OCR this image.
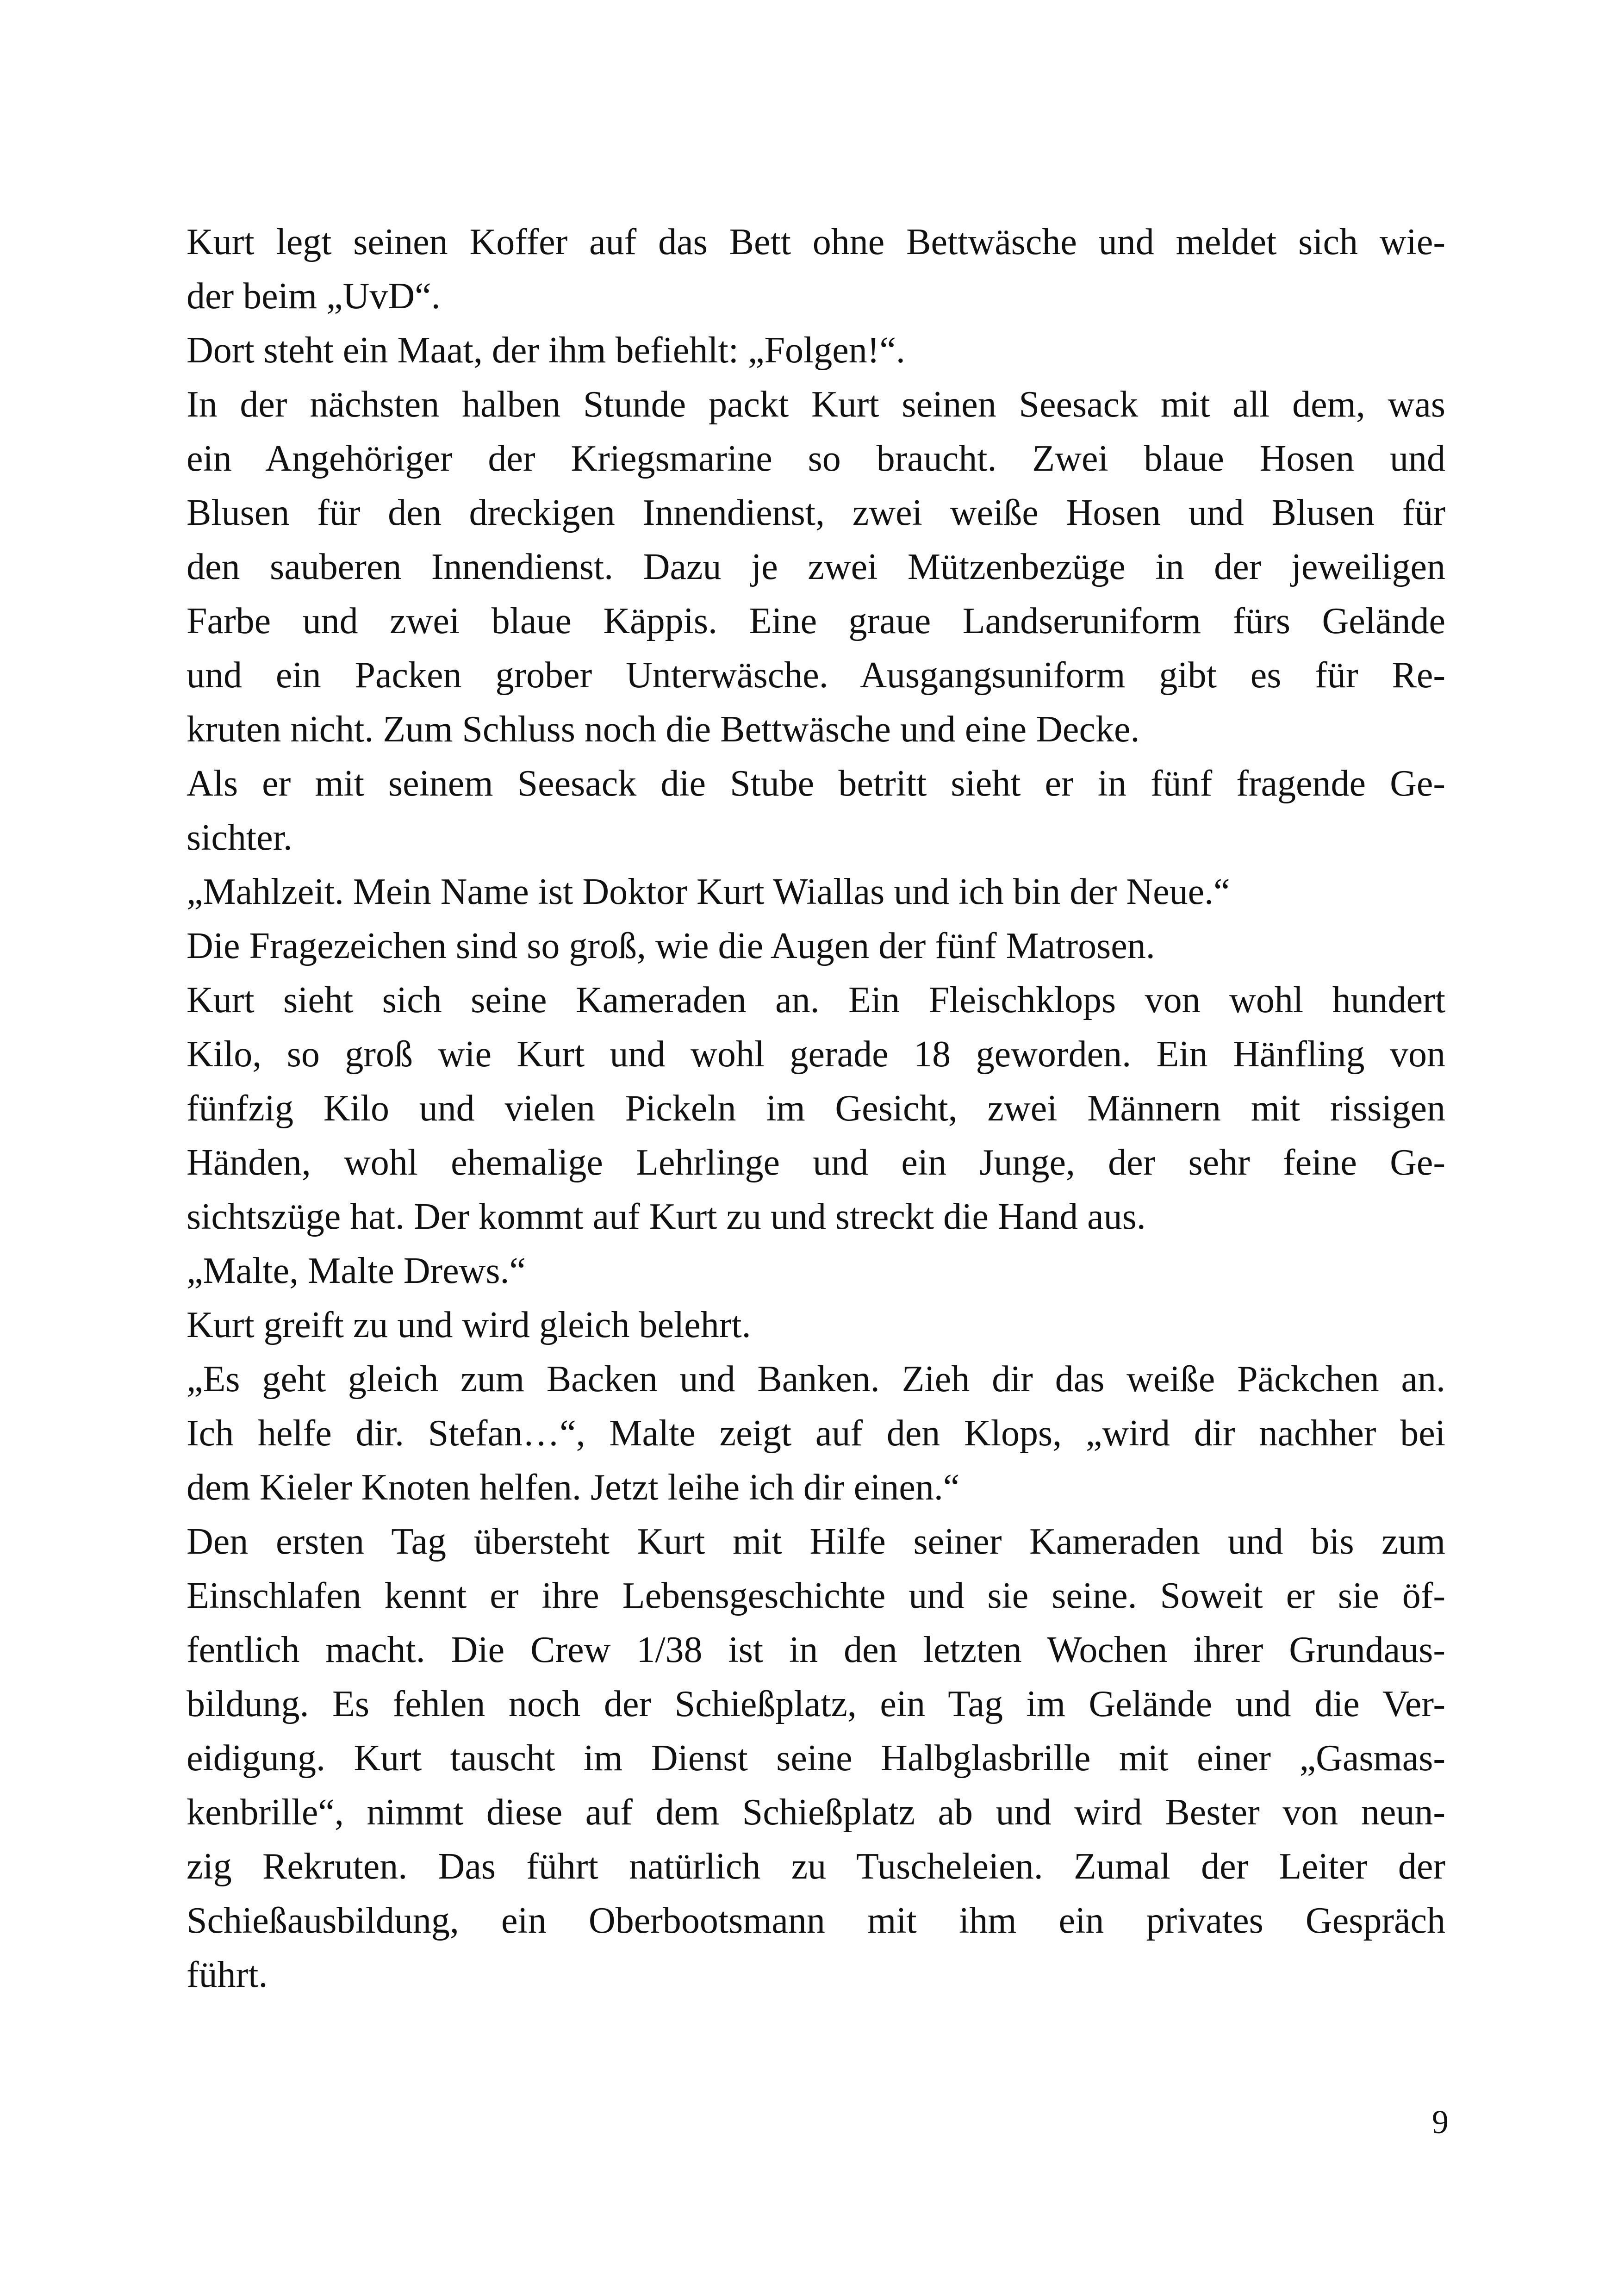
Kurt legt seinen Koffer auf das Bett ohne Bettwäsche und meldet sich wie-
der beim „UvD“.
Dort steht ein Maat, der ihm befiehlt: „Folgen!“.
In der nächsten halben Stunde packt Kurt seinen Seesack mit all dem, was
ein Angehöriger der Kriegsmarine so braucht. Zwei blaue Hosen und
Blusen für den dreckigen Innendienst, zwei weiße Hosen und Blusen für
den sauberen Innendienst. Dazu je zwei Mützenbezüge in der jeweiligen
Farbe und zwei blaue Käppis. Eine graue Landseruniform fürs Gelände
und ein Packen grober Unterwäsche. Ausgangsuniform gibt es für Re-
kruten nicht. Zum Schluss noch die Bettwäsche und eine Decke.
Als er mit seinem Seesack die Stube betritt sieht er in fünf fragende Ge-
sichter.
„Mahlzeit. Mein Name ist Doktor Kurt Wiallas und ich bin der Neue.“
Die Fragezeichen sind so groß, wie die Augen der fünf Matrosen.
Kurt sieht sich seine Kameraden an. Ein Fleischklops von wohl hundert
Kilo, so groß wie Kurt und wohl gerade 18 geworden. Ein Hänfling von
fünfzig Kilo und vielen Pickeln im Gesicht, zwei Männern mit rissigen
Händen, wohl ehemalige Lehrlinge und ein Junge, der sehr feine Ge-
sichtszüge hat. Der kommt auf Kurt zu und streckt die Hand aus.
„Malte, Malte Drews.“
Kurt greift zu und wird gleich belehrt.
„Es geht gleich zum Backen und Banken. Zieh dir das weiße Päckchen an.
Ich helfe dir. Stefan…“, Malte zeigt auf den Klops, „wird dir nachher bei
dem Kieler Knoten helfen. Jetzt leihe ich dir einen.“
Den ersten Tag übersteht Kurt mit Hilfe seiner Kameraden und bis zum
Einschlafen kennt er ihre Lebensgeschichte und sie seine. Soweit er sie öf-
fentlich macht. Die Crew 1/38 ist in den letzten Wochen ihrer Grundaus-
bildung. Es fehlen noch der Schießplatz, ein Tag im Gelände und die Ver-
eidigung. Kurt tauscht im Dienst seine Halbglasbrille mit einer „Gasmas-
kenbrille“, nimmt diese auf dem Schießplatz ab und wird Bester von neun-
zig Rekruten. Das führt natürlich zu Tuscheleien. Zumal der Leiter der
Schießausbildung, ein Oberbootsmann mit ihm ein privates Gespräch
führt.
9
